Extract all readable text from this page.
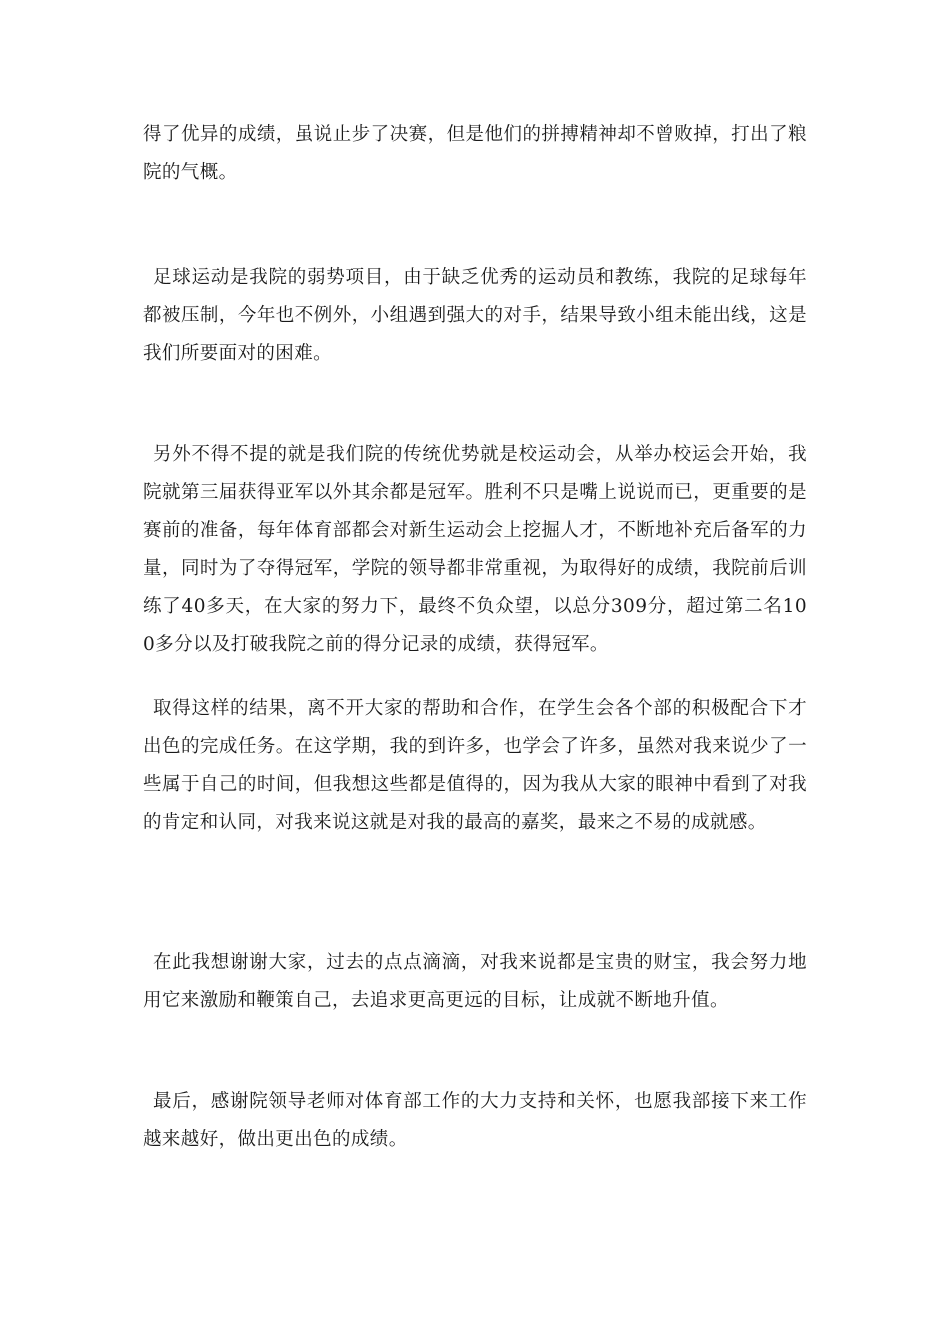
得了优异的成绩，虽说止步了决赛，但是他们的拼搏精神却不曾败掉，打出了粮院的气概。

足球运动是我院的弱势项目，由于缺乏优秀的运动员和教练，我院的足球每年都被压制，今年也不例外，小组遇到强大的对手，结果导致小组未能出线，这是我们所要面对的困难。

另外不得不提的就是我们院的传统优势就是校运动会，从举办校运会开始，我院就第三届获得亚军以外其余都是冠军。胜利不只是嘴上说说而已，更重要的是赛前的准备，每年体育部都会对新生运动会上挖掘人才，不断地补充后备军的力量，同时为了夺得冠军，学院的领导都非常重视，为取得好的成绩，我院前后训练了40多天，在大家的努力下，最终不负众望，以总分309分，超过第二名100多分以及打破我院之前的得分记录的成绩，获得冠军。

取得这样的结果，离不开大家的帮助和合作，在学生会各个部的积极配合下才出色的完成任务。在这学期，我的到许多，也学会了许多，虽然对我来说少了一些属于自己的时间，但我想这些都是值得的，因为我从大家的眼神中看到了对我的肯定和认同，对我来说这就是对我的最高的嘉奖，最来之不易的成就感。

在此我想谢谢大家，过去的点点滴滴，对我来说都是宝贵的财宝，我会努力地用它来激励和鞭策自己，去追求更高更远的目标，让成就不断地升值。

最后，感谢院领导老师对体育部工作的大力支持和关怀，也愿我部接下来工作越来越好，做出更出色的成绩。
